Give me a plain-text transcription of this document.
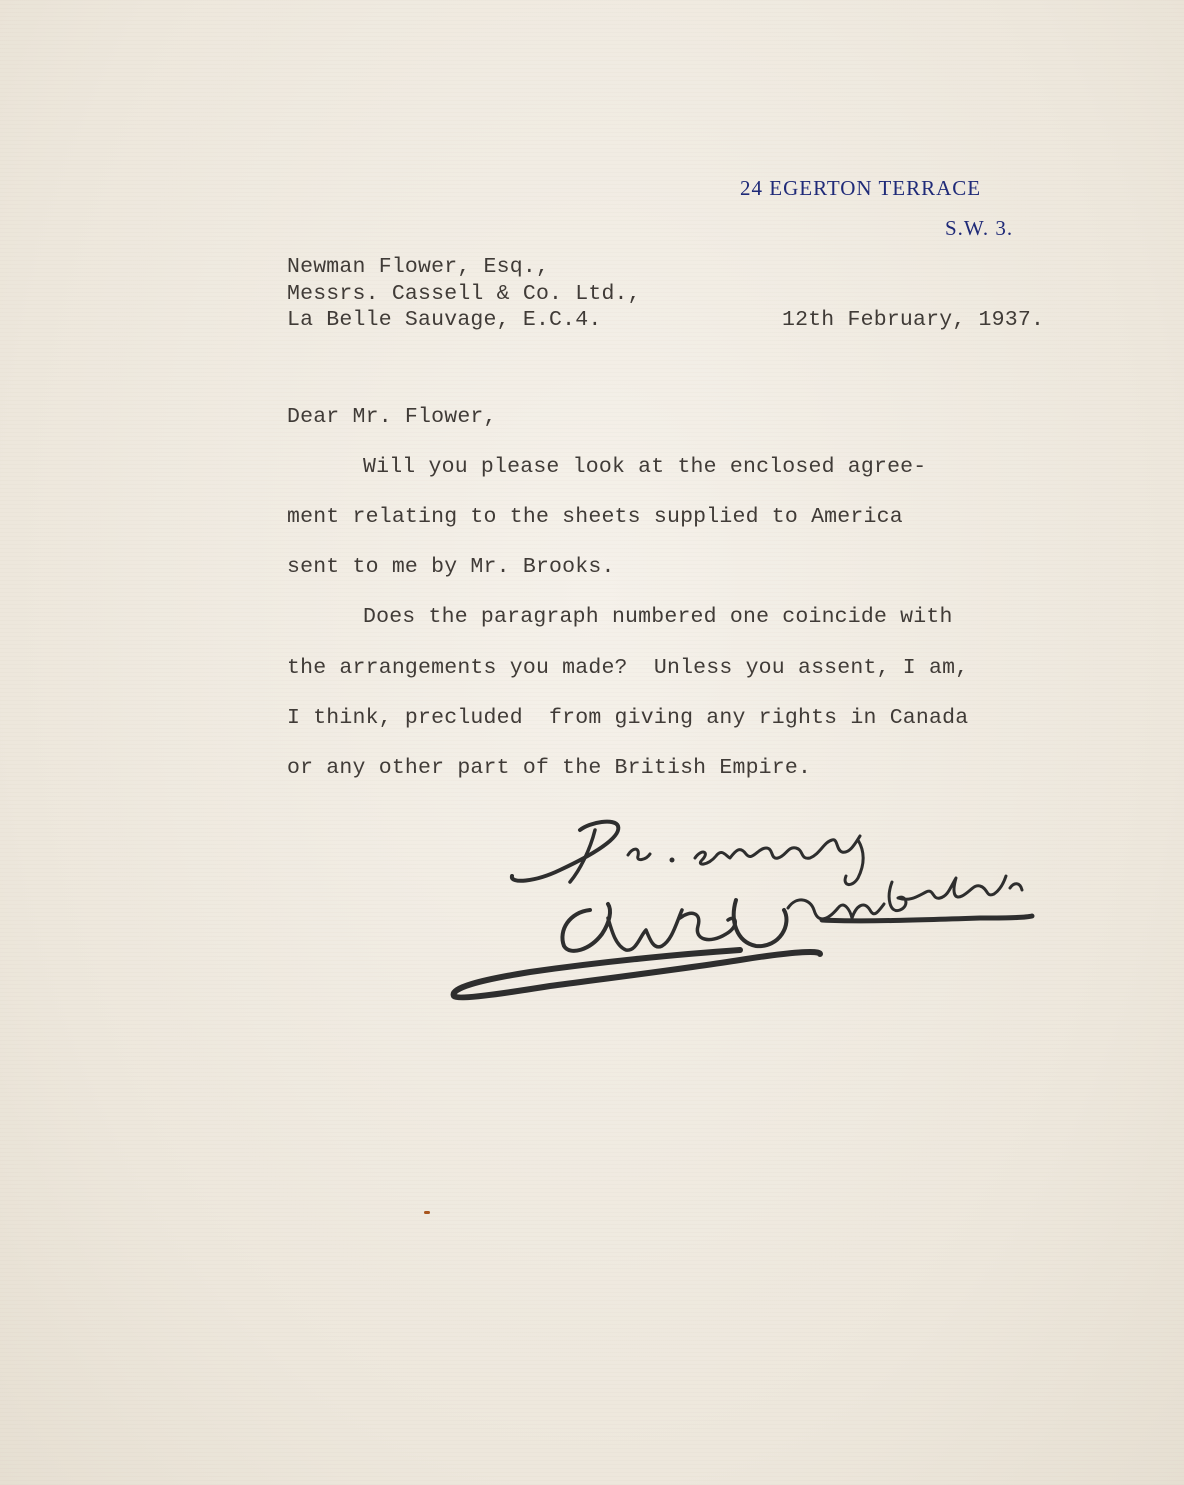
24 EGERTON TERRACE
S.W. 3.
Newman Flower, Esq.,
Messrs. Cassell & Co. Ltd.,
La Belle Sauvage, E.C.4.	12th February, 1937.
Dear Mr. Flower,
Will you please look at the enclosed agree-
ment relating to the sheets supplied to America
sent to me by Mr. Brooks.
Does the paragraph numbered one coincide with
the arrangements you made?  Unless you assent, I am,
I think, precluded  from giving any rights in Canada
or any other part of the British Empire.
